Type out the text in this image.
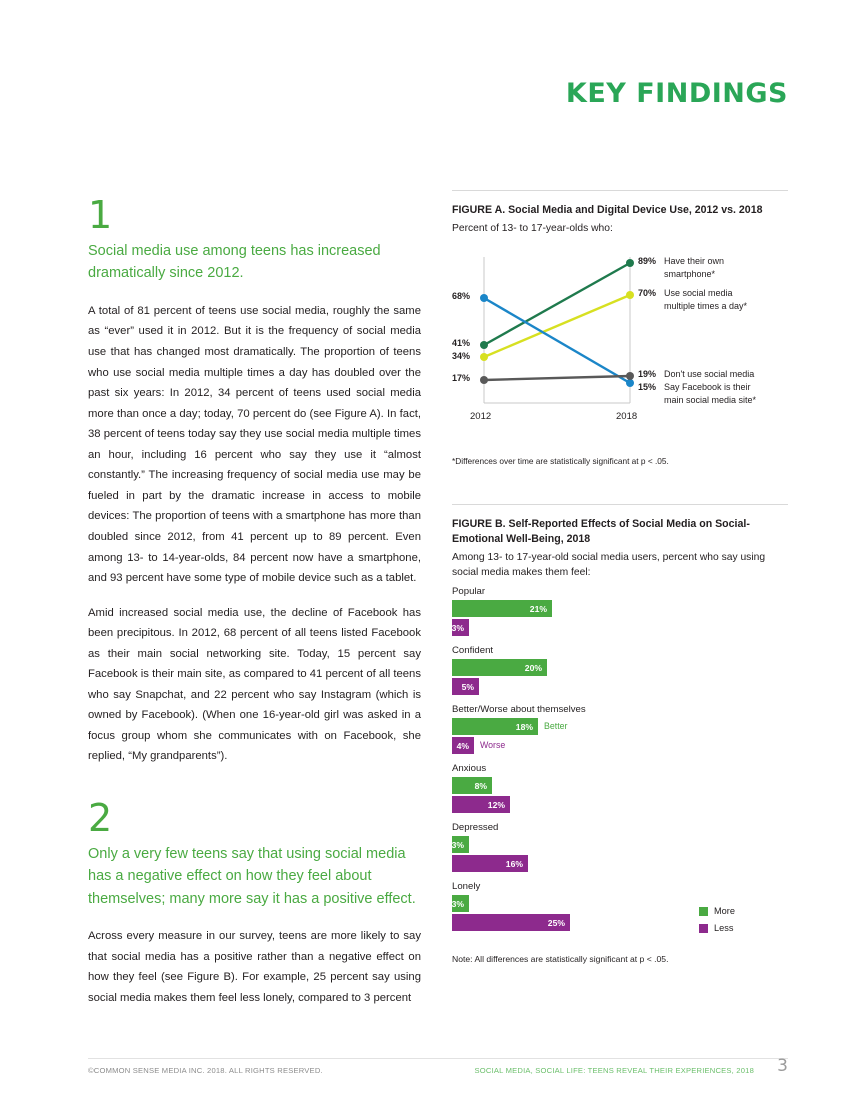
KEY FINDINGS

1

Social media use among teens has increased dramatically since 2012.

A total of 81 percent of teens use social media, roughly the same as “ever” used it in 2012. But it is the frequency of social media use that has changed most dramatically. The proportion of teens who use social media multiple times a day has doubled over the past six years: In 2012, 34 percent of teens used social media more than once a day; today, 70 percent do (see Figure A). In fact, 38 percent of teens today say they use social media multiple times an hour, including 16 percent who say they use it “almost constantly.” The increasing frequency of social media use may be fueled in part by the dramatic increase in access to mobile devices: The proportion of teens with a smartphone has more than doubled since 2012, from 41 percent up to 89 percent. Even among 13- to 14-year-olds, 84 percent now have a smartphone, and 93 percent have some type of mobile device such as a tablet.

Amid increased social media use, the decline of Facebook has been precipitous. In 2012, 68 percent of all teens listed Facebook as their main social networking site. Today, 15 percent say Facebook is their main site, as compared to 41 percent of all teens who say Snapchat, and 22 percent who say Instagram (which is owned by Facebook). (When one 16-year-old girl was asked in a focus group whom she communicates with on Facebook, she replied, “My grandparents”).

2

Only a very few teens say that using social media has a negative effect on how they feel about themselves; many more say it has a positive effect.

Across every measure in our survey, teens are more likely to say that social media has a positive rather than a negative effect on how they feel (see Figure B). For example, 25 percent say using social media makes them feel less lonely, compared to 3 percent

FIGURE A. Social Media and Digital Device Use, 2012 vs. 2018

Percent of 13- to 17-year-olds who:

68%
41%
34%
17%
89%
70%
19%
15%
Have their own smartphone*
Use social media multiple times a day*
Don't use social media
Say Facebook is their main social media site*
2012	2018

*Differences over time are statistically significant at p < .05.

FIGURE B. Self-Reported Effects of Social Media on Social-Emotional Well-Being, 2018

Among 13- to 17-year-old social media users, percent who say using social media makes them feel:

Popular
21%
3%
Confident
20%
5%
Better/Worse about themselves
18%	Better
4%	Worse
Anxious
8%
12%
Depressed
3%
16%
Lonely
3%
25%
More
Less

Note: All differences are statistically significant at p < .05.

©COMMON SENSE MEDIA INC. 2018. ALL RIGHTS RESERVED.	SOCIAL MEDIA, SOCIAL LIFE: TEENS REVEAL THEIR EXPERIENCES, 2018 3
